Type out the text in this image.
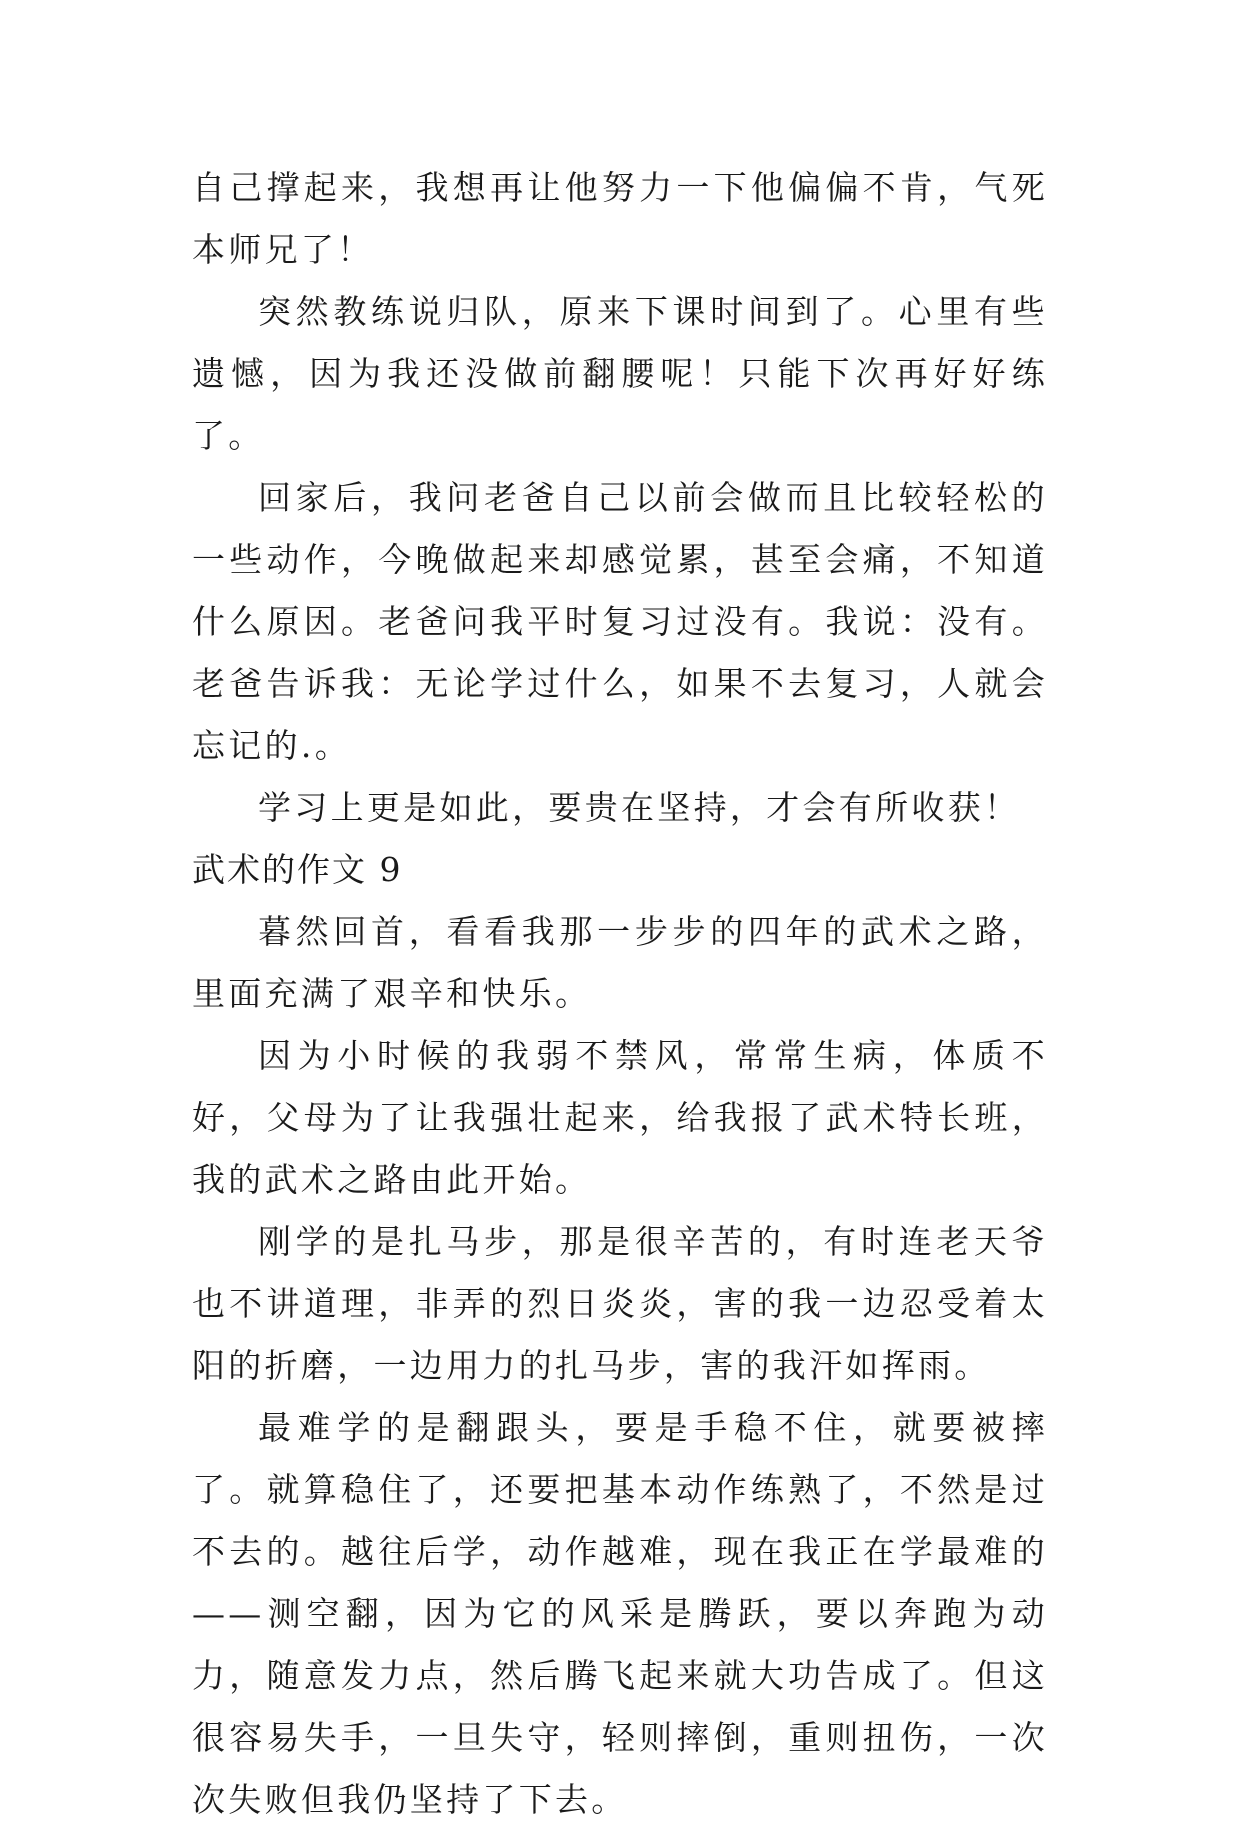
自己撑起来，我想再让他努力一下他偏偏不肯，气死本师兄了！

突然教练说归队，原来下课时间到了。心里有些遗憾，因为我还没做前翻腰呢！只能下次再好好练了。

回家后，我问老爸自己以前会做而且比较轻松的一些动作，今晚做起来却感觉累，甚至会痛，不知道什么原因。老爸问我平时复习过没有。我说：没有。老爸告诉我：无论学过什么，如果不去复习，人就会忘记的.。

学习上更是如此，要贵在坚持，才会有所收获！

武术的作文 9

暮然回首，看看我那一步步的四年的武术之路，里面充满了艰辛和快乐。

因为小时候的我弱不禁风，常常生病，体质不好，父母为了让我强壮起来，给我报了武术特长班，我的武术之路由此开始。

刚学的是扎马步，那是很辛苦的，有时连老天爷也不讲道理，非弄的烈日炎炎，害的我一边忍受着太阳的折磨，一边用力的扎马步，害的我汗如挥雨。

最难学的是翻跟头，要是手稳不住，就要被摔了。就算稳住了，还要把基本动作练熟了，不然是过不去的。越往后学，动作越难，现在我正在学最难的——测空翻，因为它的风采是腾跃，要以奔跑为动力，随意发力点，然后腾飞起来就大功告成了。但这很容易失手，一旦失守，轻则摔倒，重则扭伤，一次次失败但我仍坚持了下去。
